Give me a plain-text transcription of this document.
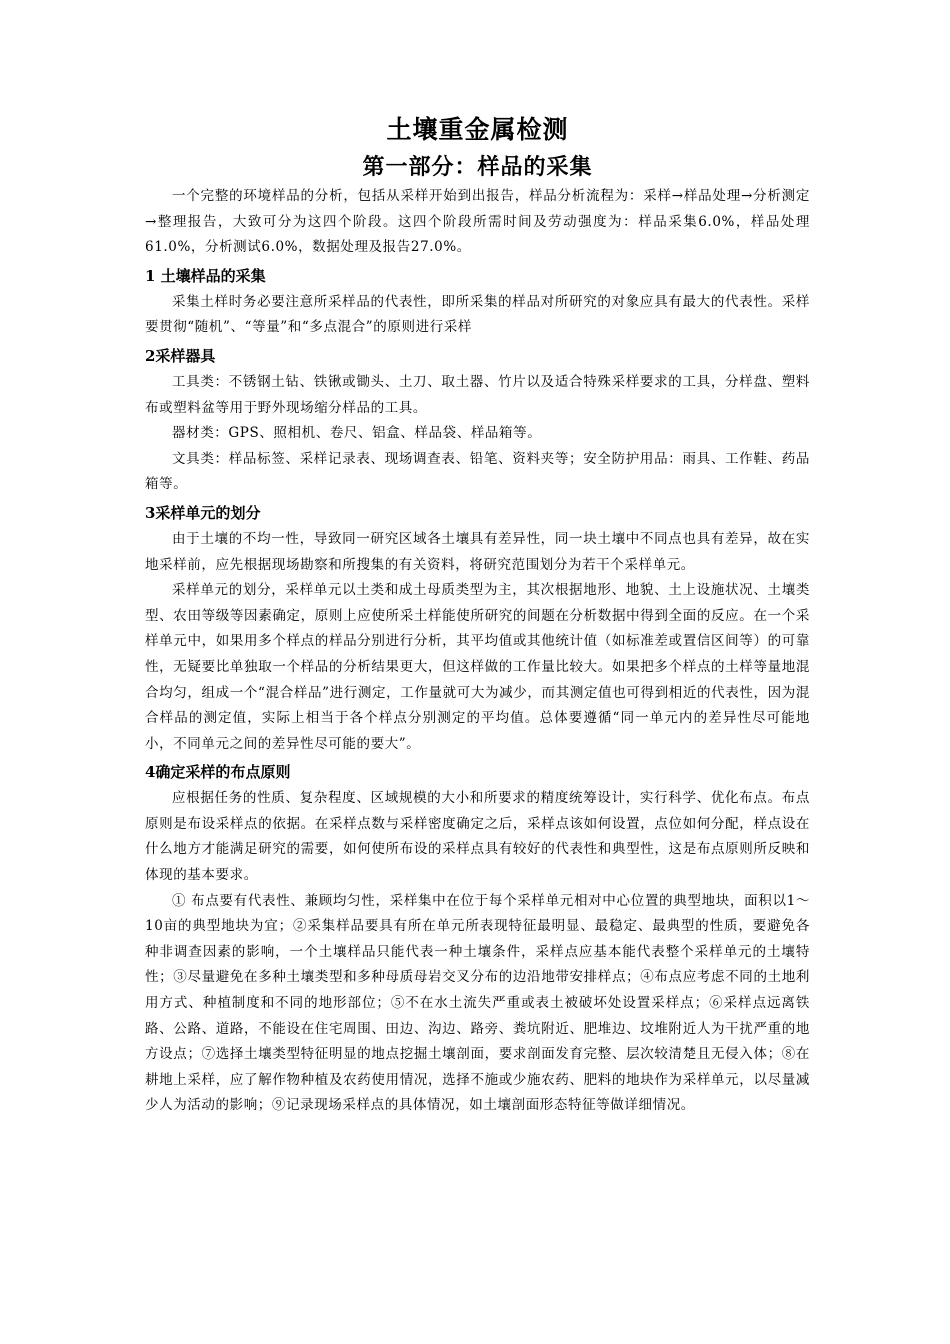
土壤重金属检测
第一部分：样品的采集

一个完整的环境样品的分析，包括从采样开始到出报告，样品分析流程为：采样→样品处理→分析测定→整理报告，大致可分为这四个阶段。这四个阶段所需时间及劳动强度为：样品采集6.0%，样品处理61.0%，分析测试6.0%，数据处理及报告27.0%。

1 土壤样品的采集

采集土样时务必要注意所采样品的代表性，即所采集的样品对所研究的对象应具有最大的代表性。采样要贯彻“随机”、“等量”和“多点混合”的原则进行采样

2采样器具

工具类：不锈钢土钻、铁锹或锄头、土刀、取土器、竹片以及适合特殊采样要求的工具，分样盘、塑料布或塑料盆等用于野外现场缩分样品的工具。

器材类：GPS、照相机、卷尺、铝盒、样品袋、样品箱等。

文具类：样品标签、采样记录表、现场调查表、铅笔、资料夹等；安全防护用品：雨具、工作鞋、药品箱等。

3采样单元的划分

由于土壤的不均一性，导致同一研究区域各土壤具有差异性，同一块土壤中不同点也具有差异，故在实地采样前，应先根据现场勘察和所搜集的有关资料，将研究范围划分为若干个采样单元。

采样单元的划分，采样单元以土类和成土母质类型为主，其次根据地形、地貌、土上设施状况、土壤类型、农田等级等因素确定，原则上应使所采土样能使所研究的间题在分析数据中得到全面的反应。在一个采样单元中，如果用多个样点的样品分别进行分析，其平均值或其他统计值（如标准差或置信区间等）的可靠性，无疑要比单独取一个样品的分析结果更大，但这样做的工作量比较大。如果把多个样点的土样等量地混合均匀，组成一个“混合样品”进行测定，工作量就可大为减少，而其测定值也可得到相近的代表性，因为混合样品的测定值，实际上相当于各个样点分别测定的平均值。总体要遵循“同一单元内的差异性尽可能地小，不同单元之间的差异性尽可能的要大”。

4确定采样的布点原则

应根据任务的性质、复杂程度、区域规模的大小和所要求的精度统筹设计，实行科学、优化布点。布点原则是布设采样点的依据。在采样点数与采样密度确定之后，采样点该如何设置，点位如何分配，样点设在什么地方才能满足研究的需要，如何使所布设的采样点具有较好的代表性和典型性，这是布点原则所反映和体现的基本要求。

① 布点要有代表性、兼顾均匀性，采样集中在位于每个采样单元相对中心位置的典型地块，面积以1～10亩的典型地块为宜；②采集样品要具有所在单元所表现特征最明显、最稳定、最典型的性质，要避免各种非调查因素的影响，一个土壤样品只能代表一种土壤条件，采样点应基本能代表整个采样单元的土壤特性；③尽量避免在多种土壤类型和多种母质母岩交叉分布的边沿地带安排样点；④布点应考虑不同的土地利用方式、种植制度和不同的地形部位；⑤不在水土流失严重或表土被破坏处设置采样点；⑥采样点远离铁路、公路、道路，不能设在住宅周围、田边、沟边、路旁、粪坑附近、肥堆边、坟堆附近人为干扰严重的地方设点；⑦选择土壤类型特征明显的地点挖掘土壤剖面，要求剖面发育完整、层次较清楚且无侵入体；⑧在耕地上采样，应了解作物种植及农药使用情况，选择不施或少施农药、肥料的地块作为采样单元，以尽量减少人为活动的影响；⑨记录现场采样点的具体情况，如土壤剖面形态特征等做详细情况。
